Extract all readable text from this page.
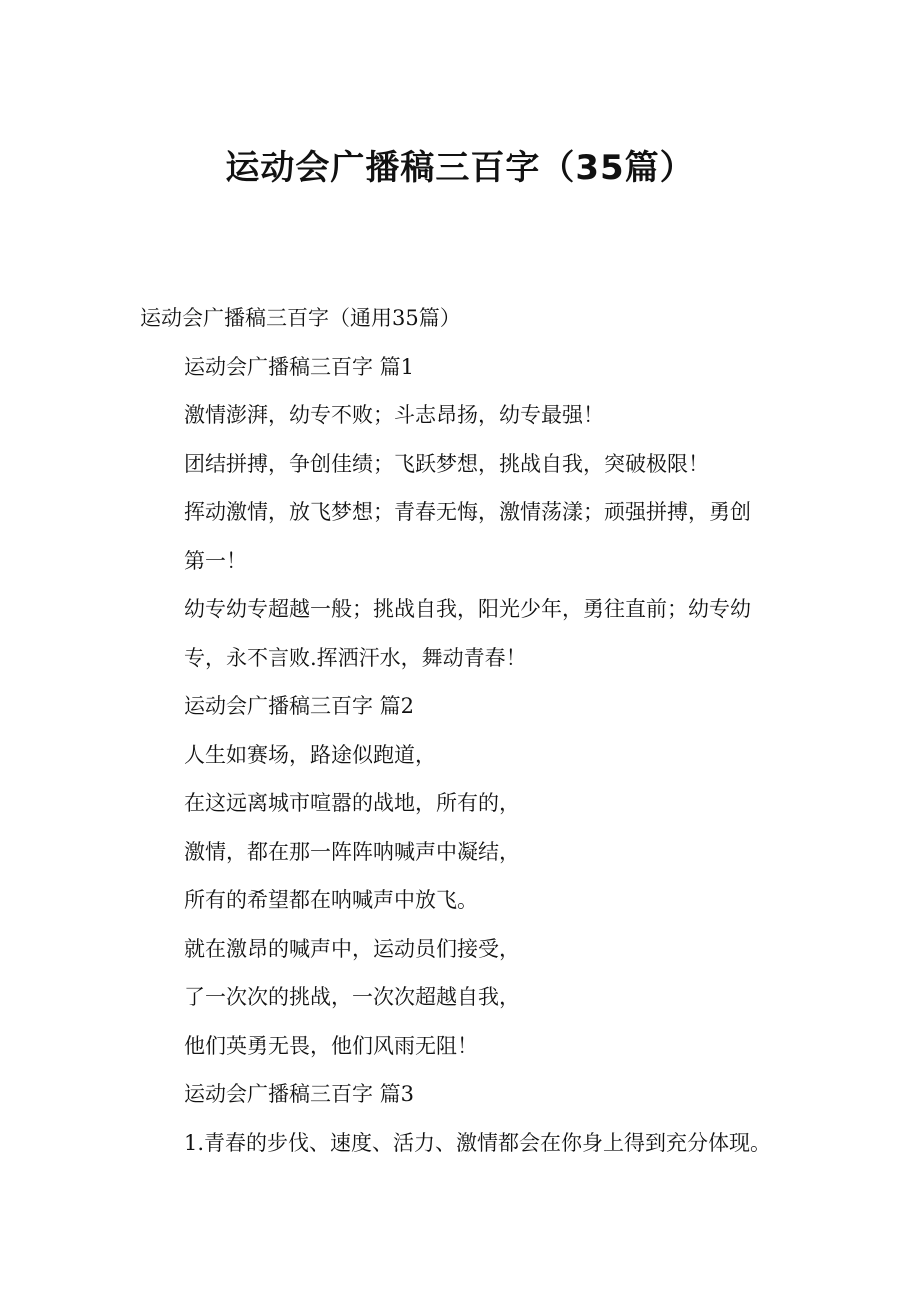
运动会广播稿三百字（35篇）

运动会广播稿三百字（通用35篇）

运动会广播稿三百字 篇1

激情澎湃，幼专不败；斗志昂扬，幼专最强！

团结拼搏，争创佳绩；飞跃梦想，挑战自我，突破极限！

挥动激情，放飞梦想；青春无悔，激情荡漾；顽强拼搏，勇创第一！

幼专幼专超越一般；挑战自我，阳光少年，勇往直前；幼专幼专，永不言败.挥洒汗水，舞动青春！

运动会广播稿三百字 篇2

人生如赛场，路途似跑道，

在这远离城市喧嚣的战地，所有的，

激情，都在那一阵阵呐喊声中凝结，

所有的希望都在呐喊声中放飞。

就在激昂的喊声中，运动员们接受，

了一次次的挑战，一次次超越自我，

他们英勇无畏，他们风雨无阻！

运动会广播稿三百字 篇3

1.青春的步伐、速度、活力、激情都会在你身上得到充分体现。
